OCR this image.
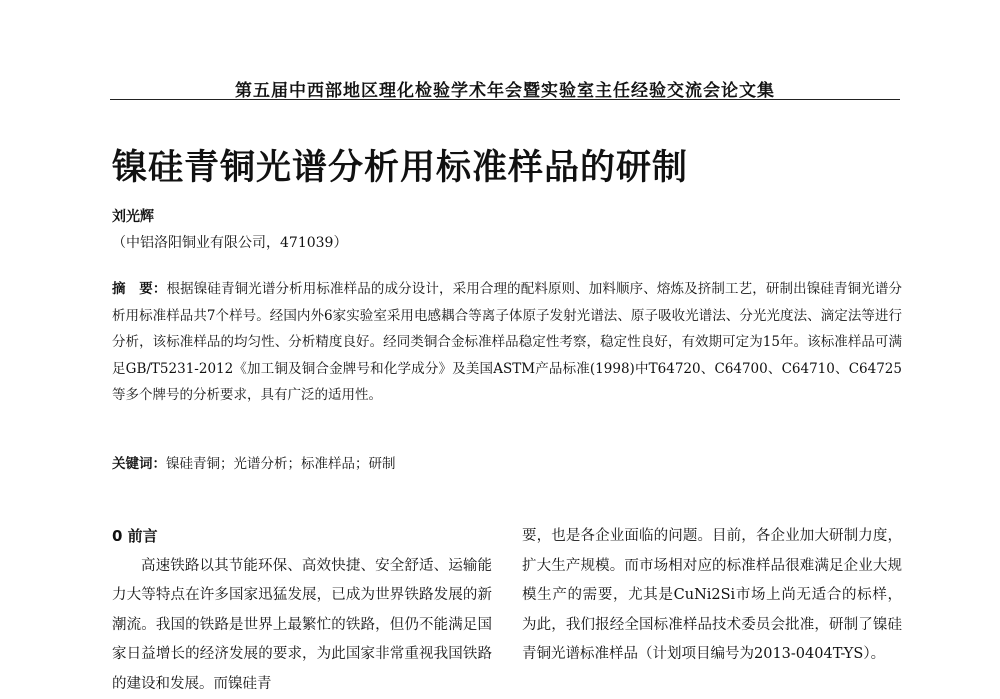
第五届中西部地区理化检验学术年会暨实验室主任经验交流会论文集
镍硅青铜光谱分析用标准样品的研制
刘光辉
（中铝洛阳铜业有限公司，471039）
摘　要：根据镍硅青铜光谱分析用标准样品的成分设计，采用合理的配料原则、加料顺序、熔炼及挤制工艺，研制出镍硅青铜光谱分析用标准样品共7个样号。经国内外6家实验室采用电感耦合等离子体原子发射光谱法、原子吸收光谱法、分光光度法、滴定法等进行分析，该标准样品的均匀性、分析精度良好。经同类铜合金标准样品稳定性考察，稳定性良好，有效期可定为15年。该标准样品可满足GB/T5231-2012《加工铜及铜合金牌号和化学成分》及美国ASTM产品标准(1998)中T64720、C64700、C64710、C64725等多个牌号的分析要求，具有广泛的适用性。
关键词：镍硅青铜；光谱分析；标准样品；研制
0 前言

高速铁路以其节能环保、高效快捷、安全舒适、运输能力大等特点在许多国家迅猛发展，已成为世界铁路发展的新潮流。我国的铁路是世界上最繁忙的铁路，但仍不能满足国家日益增长的经济发展的要求，为此国家非常重视我国铁路的建设和发展。而镍硅青

要，也是各企业面临的问题。目前，各企业加大研制力度，扩大生产规模。而市场相对应的标准样品很难满足企业大规模生产的需要，尤其是CuNi2Si市场上尚无适合的标样，为此，我们报经全国标准样品技术委员会批准，研制了镍硅青铜光谱标准样品（计划项目编号为2013-0404T-YS）。
